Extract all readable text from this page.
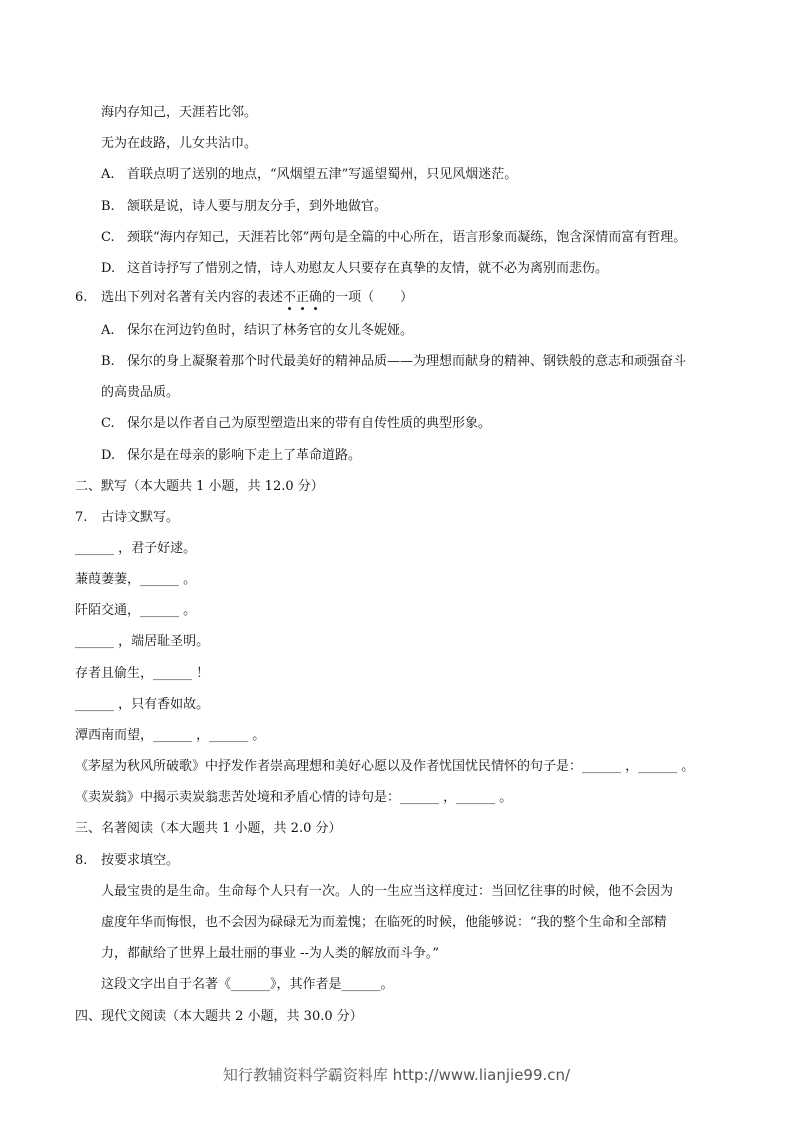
海内存知己，天涯若比邻。
无为在歧路，儿女共沾巾。
A. 首联点明了送别的地点，“风烟望五津”写遥望蜀州，只见风烟迷茫。
B. 颔联是说，诗人要与朋友分手，到外地做官。
C. 颈联“海内存知己，天涯若比邻”两句是全篇的中心所在，语言形象而凝练，饱含深情而富有哲理。
D. 这首诗抒写了惜别之情，诗人劝慰友人只要存在真挚的友情，就不必为离别而悲伤。
6. 选出下列对名著有关内容的表述不正确的一项（　　）
A. 保尔在河边钓鱼时，结识了林务官的女儿冬妮娅。
B. 保尔的身上凝聚着那个时代最美好的精神品质——为理想而献身的精神、钢铁般的意志和顽强奋斗
的高贵品质。
C. 保尔是以作者自己为原型塑造出来的带有自传性质的典型形象。
D. 保尔是在母亲的影响下走上了革命道路。
二、默写（本大题共 1 小题，共 12.0 分）
7. 古诗文默写。
______ ，君子好逑。
蒹葭萋萋，______ 。
阡陌交通，______ 。
______ ，端居耻圣明。
存者且偷生，______ ！
______ ，只有香如故。
潭西南而望，______ ，______ 。
《茅屋为秋风所破歌》中抒发作者崇高理想和美好心愿以及作者忧国忧民情怀的句子是：______ ，______ 。
《卖炭翁》中揭示卖炭翁悲苦处境和矛盾心情的诗句是：______ ，______ 。
三、名著阅读（本大题共 1 小题，共 2.0 分）
8. 按要求填空。
人最宝贵的是生命。生命每个人只有一次。人的一生应当这样度过：当回忆往事的时候，他不会因为
虚度年华而悔恨，也不会因为碌碌无为而羞愧；在临死的时候，他能够说：“我的整个生命和全部精
力，都献给了世界上最壮丽的事业 --为人类的解放而斗争。”
这段文字出自于名著《______》，其作者是______。
四、现代文阅读（本大题共 2 小题，共 30.0 分）
知行教辅资料学霸资料库 http://www.lianjie99.cn/
